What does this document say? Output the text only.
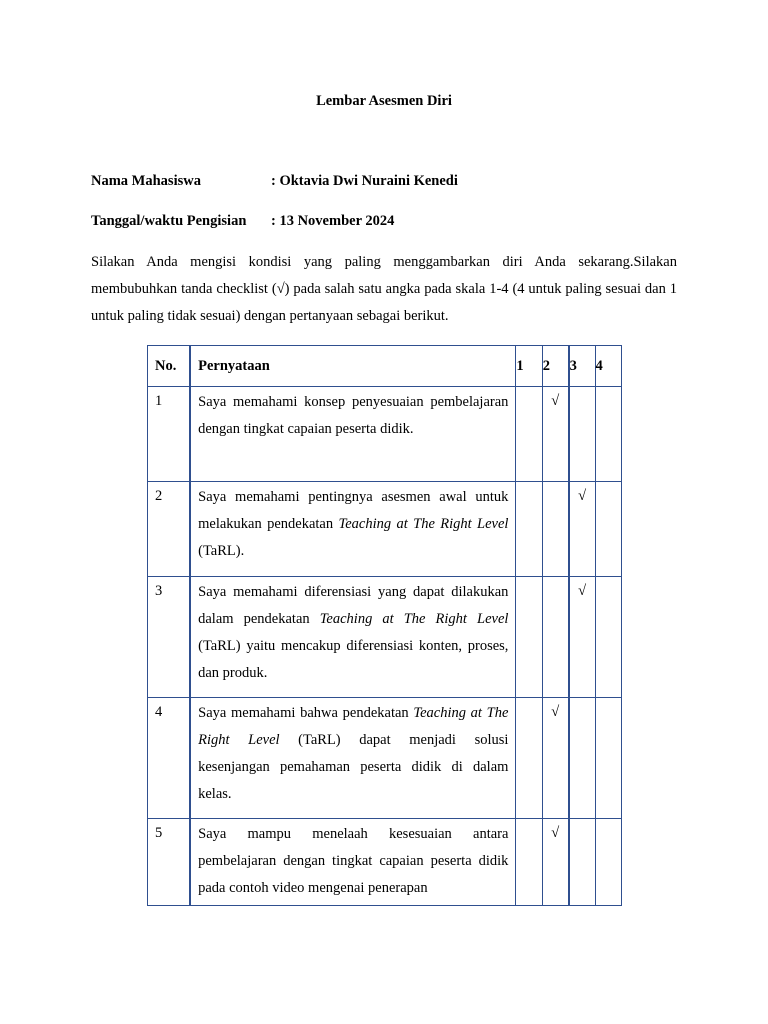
Lembar Asesmen Diri
Nama Mahasiswa	: Oktavia Dwi Nuraini Kenedi
Tanggal/waktu Pengisian : 13 November 2024
Silakan Anda mengisi kondisi yang paling menggambarkan diri Anda sekarang.Silakan membubuhkan tanda checklist (√) pada salah satu angka pada skala 1-4 (4 untuk paling sesuai dan 1 untuk paling tidak sesuai) dengan pertanyaan sebagai berikut.
No.	Pernyataan	1	2	3	4
1	Saya memahami konsep penyesuaian pembelajaran dengan tingkat capaian peserta didik.		√		
2	Saya memahami pentingnya asesmen awal untuk melakukan pendekatan Teaching at The Right Level (TaRL).			√	
3	Saya memahami diferensiasi yang dapat dilakukan dalam pendekatan Teaching at The Right Level (TaRL) yaitu mencakup diferensiasi konten, proses, dan produk.			√	
4	Saya memahami bahwa pendekatan Teaching at The Right Level (TaRL) dapat menjadi solusi kesenjangan pemahaman peserta didik di dalam kelas.		√		
5	Saya mampu menelaah kesesuaian antara pembelajaran dengan tingkat capaian peserta didik pada contoh video mengenai penerapan		√		
